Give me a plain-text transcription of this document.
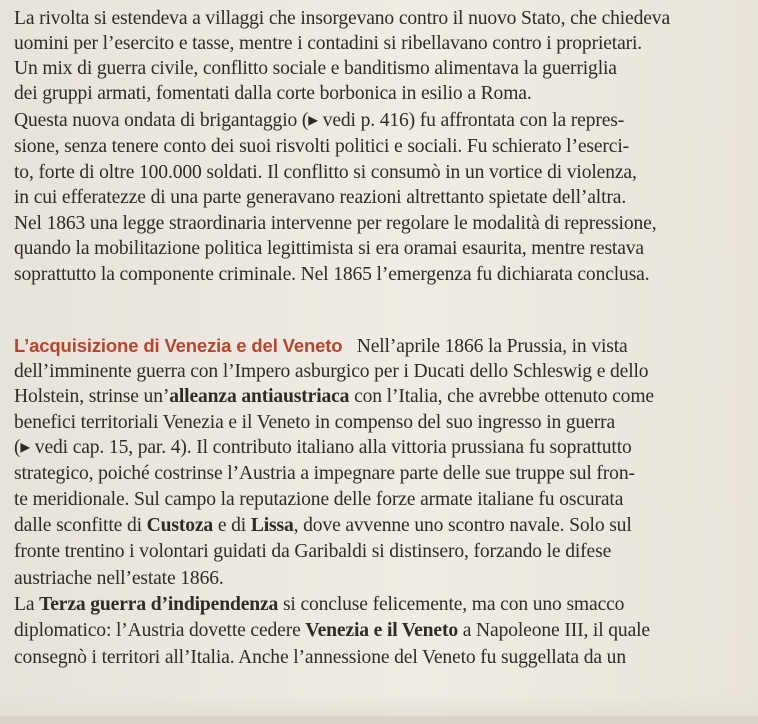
La rivolta si estendeva a villaggi che insorgevano contro il nuovo Stato, che chiedeva
uomini per l’esercito e tasse, mentre i contadini si ribellavano contro i proprietari.
Un mix di guerra civile, conflitto sociale e banditismo alimentava la guerriglia
dei gruppi armati, fomentati dalla corte borbonica in esilio a Roma.
Questa nuova ondata di brigantaggio (▸ vedi p. 416) fu affrontata con la repres-
sione, senza tenere conto dei suoi risvolti politici e sociali. Fu schierato l’eserci-
to, forte di oltre 100.000 soldati. Il conflitto si consumò in un vortice di violenza,
in cui efferatezze di una parte generavano reazioni altrettanto spietate dell’altra.
Nel 1863 una legge straordinaria intervenne per regolare le modalità di repressione,
quando la mobilitazione politica legittimista si era oramai esaurita, mentre restava
soprattutto la componente criminale. Nel 1865 l’emergenza fu dichiarata conclusa.
L’acquisizione di Venezia e del Veneto   Nell’aprile 1866 la Prussia, in vista
dell’imminente guerra con l’Impero asburgico per i Ducati dello Schleswig e dello
Holstein, strinse un’alleanza antiaustriaca con l’Italia, che avrebbe ottenuto come
benefici territoriali Venezia e il Veneto in compenso del suo ingresso in guerra
(▸ vedi cap. 15, par. 4). Il contributo italiano alla vittoria prussiana fu soprattutto
strategico, poiché costrinse l’Austria a impegnare parte delle sue truppe sul fron-
te meridionale. Sul campo la reputazione delle forze armate italiane fu oscurata
dalle sconfitte di Custoza e di Lissa, dove avvenne uno scontro navale. Solo sul
fronte trentino i volontari guidati da Garibaldi si distinsero, forzando le difese
austriache nell’estate 1866.
La Terza guerra d’indipendenza si concluse felicemente, ma con uno smacco
diplomatico: l’Austria dovette cedere Venezia e il Veneto a Napoleone III, il quale
consegnò i territori all’Italia. Anche l’annessione del Veneto fu suggellata da un
